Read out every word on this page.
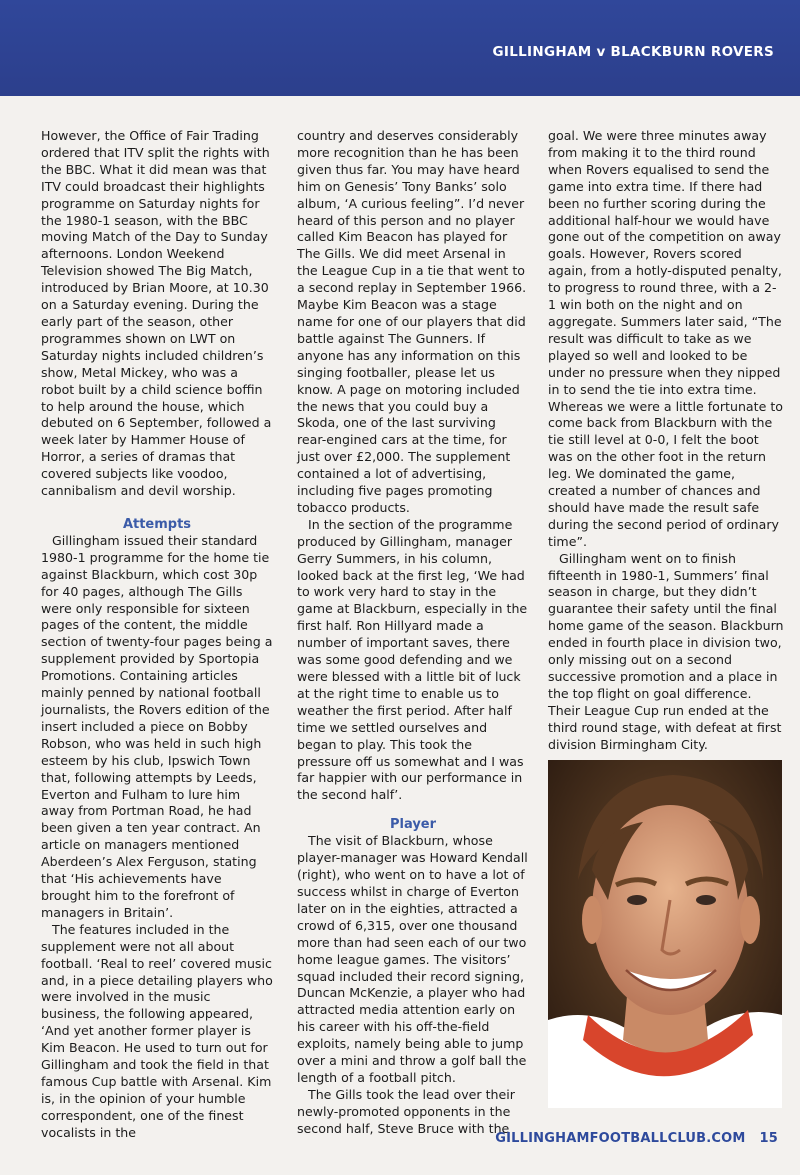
GILLINGHAM v BLACKBURN ROVERS

However, the Office of Fair Trading ordered that ITV split the rights with the BBC. What it did mean was that ITV could broadcast their highlights programme on Saturday nights for the 1980-1 season, with the BBC moving Match of the Day to Sunday afternoons. London Weekend Television showed The Big Match, introduced by Brian Moore, at 10.30 on a Saturday evening. During the early part of the season, other programmes shown on LWT on Saturday nights included children’s show, Metal Mickey, who was a robot built by a child science boffin to help around the house, which debuted on 6 September, followed a week later by Hammer House of Horror, a series of dramas that covered subjects like voodoo, cannibalism and devil worship.

Attempts

Gillingham issued their standard 1980-1 programme for the home tie against Blackburn, which cost 30p for 40 pages, although The Gills were only responsible for sixteen pages of the content, the middle section of twenty-four pages being a supplement provided by Sportopia Promotions. Containing articles mainly penned by national football journalists, the Rovers edition of the insert included a piece on Bobby Robson, who was held in such high esteem by his club, Ipswich Town that, following attempts by Leeds, Everton and Fulham to lure him away from Portman Road, he had been given a ten year contract. An article on managers mentioned Aberdeen’s Alex Ferguson, stating that ‘His achievements have brought him to the forefront of managers in Britain’.

The features included in the supplement were not all about football. ‘Real to reel’ covered music and, in a piece detailing players who were involved in the music business, the following appeared, ‘And yet another former player is Kim Beacon. He used to turn out for Gillingham and took the field in that famous Cup battle with Arsenal. Kim is, in the opinion of your humble correspondent, one of the finest vocalists in the

country and deserves considerably more recognition than he has been given thus far. You may have heard him on Genesis’ Tony Banks’ solo album, ‘A curious feeling”. I’d never heard of this person and no player called Kim Beacon has played for The Gills. We did meet Arsenal in the League Cup in a tie that went to a second replay in September 1966. Maybe Kim Beacon was a stage name for one of our players that did battle against The Gunners. If anyone has any information on this singing footballer, please let us know. A page on motoring included the news that you could buy a Skoda, one of the last surviving rear-engined cars at the time, for just over £2,000. The supplement contained a lot of advertising, including five pages promoting tobacco products.

In the section of the programme produced by Gillingham, manager Gerry Summers, in his column, looked back at the first leg, ‘We had to work very hard to stay in the game at Blackburn, especially in the first half. Ron Hillyard made a number of important saves, there was some good defending and we were blessed with a little bit of luck at the right time to enable us to weather the first period. After half time we settled ourselves and began to play. This took the pressure off us somewhat and I was far happier with our performance in the second half’.

Player

The visit of Blackburn, whose player-manager was Howard Kendall (right), who went on to have a lot of success whilst in charge of Everton later on in the eighties, attracted a crowd of 6,315, over one thousand more than had seen each of our two home league games. The visitors’ squad included their record signing, Duncan McKenzie, a player who had attracted media attention early on his career with his off-the-field exploits, namely being able to jump over a mini and throw a golf ball the length of a football pitch.

The Gills took the lead over their newly-promoted opponents in the second half, Steve Bruce with the

goal. We were three minutes away from making it to the third round when Rovers equalised to send the game into extra time. If there had been no further scoring during the additional half-hour we would have gone out of the competition on away goals. However, Rovers scored again, from a hotly-disputed penalty, to progress to round three, with a 2-1 win both on the night and on aggregate. Summers later said, “The result was difficult to take as we played so well and looked to be under no pressure when they nipped in to send the tie into extra time. Whereas we were a little fortunate to come back from Blackburn with the tie still level at 0-0, I felt the boot was on the other foot in the return leg. We dominated the game, created a number of chances and should have made the result safe during the second period of ordinary time”.

Gillingham went on to finish fifteenth in 1980-1, Summers’ final season in charge, but they didn’t guarantee their safety until the final home game of the season. Blackburn ended in fourth place in division two, only missing out on a second successive promotion and a place in the top flight on goal difference. Their League Cup run ended at the third round stage, with defeat at first division Birmingham City.

GILLINGHAMFOOTBALLCLUB.COM 15
